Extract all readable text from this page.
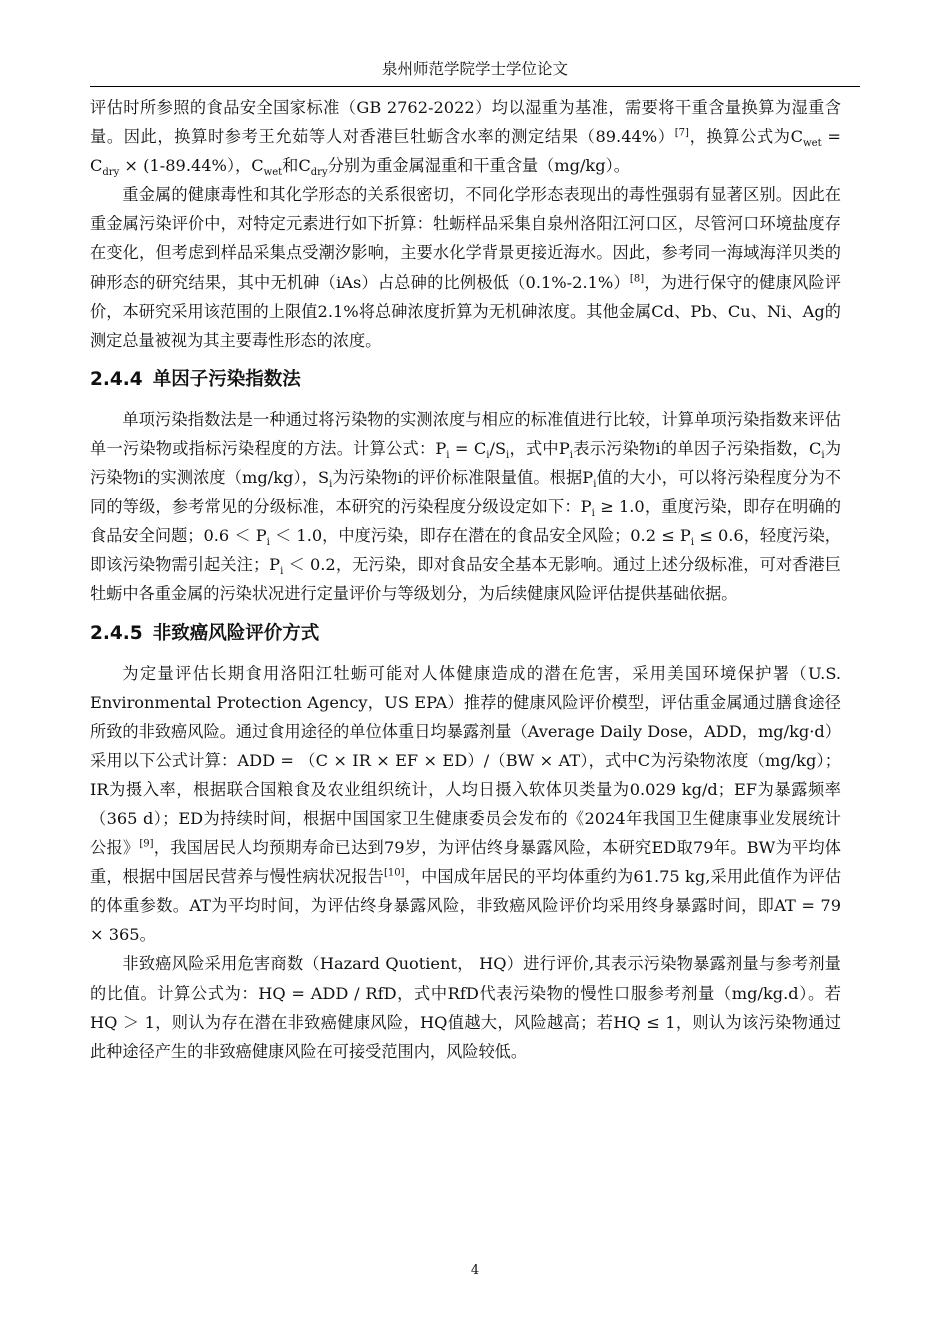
泉州师范学院学士学位论文

评估时所参照的食品安全国家标准（GB 2762-2022）均以湿重为基准，需要将干重含量换算为湿重含量。因此，换算时参考王允茹等人对香港巨牡蛎含水率的测定结果（89.44%）[7]，换算公式为$C_{wet} = C_{dry} \times (1-89.44\%)$，$C_{wet}$和$C_{dry}$分别为重金属湿重和干重含量（mg/kg）。

重金属的健康毒性和其化学形态的关系很密切，不同化学形态表现出的毒性强弱有显著区别。因此在重金属污染评价中，对特定元素进行如下折算：牡蛎样品采集自泉州洛阳江河口区，尽管河口环境盐度存在变化，但考虑到样品采集点受潮汐影响，主要水化学背景更接近海水。因此，参考同一海域海洋贝类的砷形态的研究结果，其中无机砷（iAs）占总砷的比例极低（0.1%-2.1%）[8]，为进行保守的健康风险评价，本研究采用该范围的上限值2.1%将总砷浓度折算为无机砷浓度。其他金属Cd、Pb、Cu、Ni、Ag的测定总量被视为其主要毒性形态的浓度。

2.4.4 单因子污染指数法

单项污染指数法是一种通过将污染物的实测浓度与相应的标准值进行比较，计算单项污染指数来评估单一污染物或指标污染程度的方法。计算公式：$P_i = C_i/S_i$，式中$P_i$表示污染物i的单因子污染指数，$C_i$为污染物i的实测浓度（mg/kg），$S_i$为污染物i的评价标准限量值。根据$P_i$值的大小，可以将污染程度分为不同的等级，参考常见的分级标准，本研究的污染程度分级设定如下：$P_i \ge 1.0$，重度污染，即存在明确的食品安全问题；$0.6 < P_i < 1.0$，中度污染，即存在潜在的食品安全风险；$0.2 \le P_i \le 0.6$，轻度污染，即该污染物需引起关注；$P_i < 0.2$，无污染，即对食品安全基本无影响。通过上述分级标准，可对香港巨牡蛎中各重金属的污染状况进行定量评价与等级划分，为后续健康风险评估提供基础依据。

2.4.5 非致癌风险评价方式

为定量评估长期食用洛阳江牡蛎可能对人体健康造成的潜在危害，采用美国环境保护署（U.S. Environmental Protection Agency，US EPA）推荐的健康风险评价模型，评估重金属通过膳食途径所致的非致癌风险。通过食用途径的单位体重日均暴露剂量（Average Daily Dose，ADD，mg/kg·d）采用以下公式计算：ADD = （C × IR × EF × ED）/（BW × AT），式中C为污染物浓度（mg/kg）；IR为摄入率，根据联合国粮食及农业组织统计，人均日摄入软体贝类量为0.029 kg/d；EF为暴露频率（365 d）；ED为持续时间，根据中国国家卫生健康委员会发布的《2024年我国卫生健康事业发展统计公报》[9]，我国居民人均预期寿命已达到79岁，为评估终身暴露风险，本研究ED取79年。BW为平均体重，根据中国居民营养与慢性病状况报告[10]，中国成年居民的平均体重约为61.75 kg,采用此值作为评估的体重参数。AT为平均时间，为评估终身暴露风险，非致癌风险评价均采用终身暴露时间，即AT = 79 × 365。

非致癌风险采用危害商数（Hazard Quotient， HQ）进行评价,其表示污染物暴露剂量与参考剂量的比值。计算公式为：HQ = ADD / RfD，式中RfD代表污染物的慢性口服参考剂量（mg/kg.d）。若HQ ＞ 1，则认为存在潜在非致癌健康风险，HQ值越大，风险越高；若HQ ≤ 1，则认为该污染物通过此种途径产生的非致癌健康风险在可接受范围内，风险较低。

4
